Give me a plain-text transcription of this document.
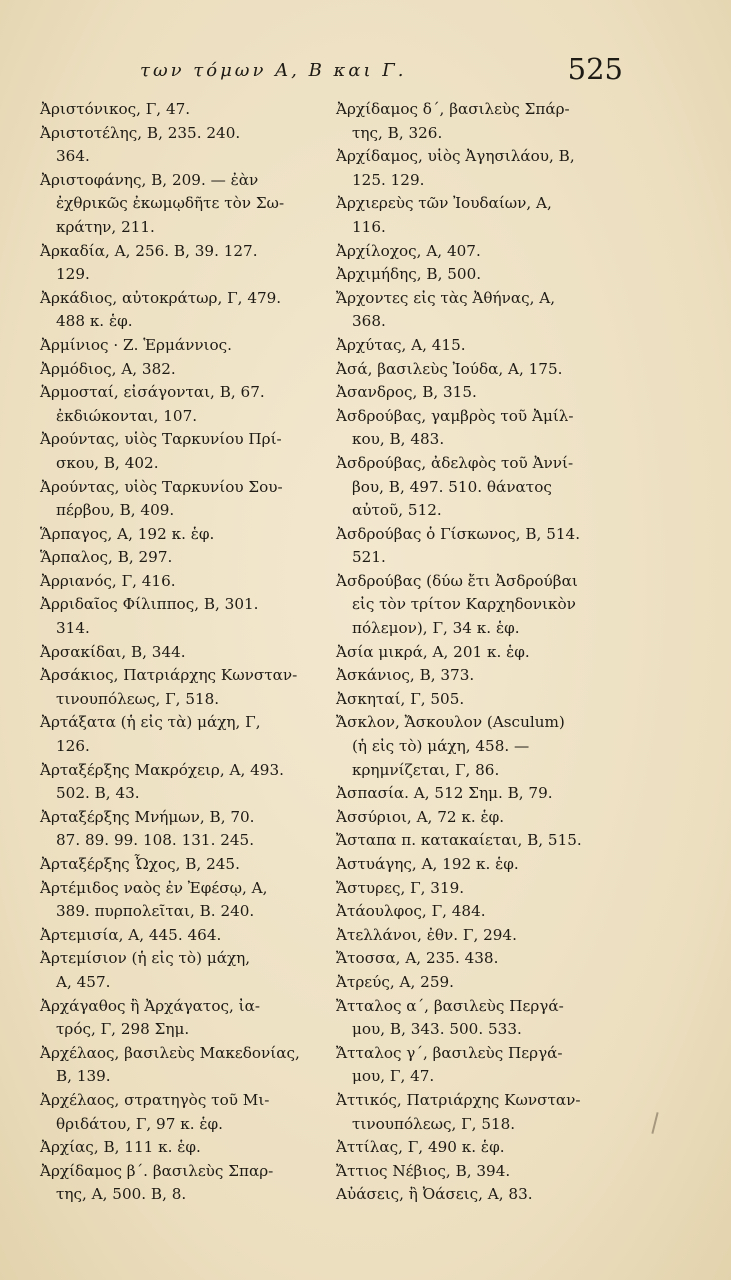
των τόμων Α, Β και Γ.	525

Ἀριστόνικος, Γ, 47.

Ἀριστοτέλης, Β, 235. 240.
364.

Ἀριστοφάνης, Β, 209. — ἐὰν
ἐχθρικῶς ἐκωμῳδῆτε τὸν Σω-
κράτην, 211.

Ἀρκαδία, Α, 256. Β, 39. 127.
129.

Ἀρκάδιος, αὐτοκράτωρ, Γ, 479.
488 κ. ἑφ.

Ἀρμίνιος · Ζ. Ἑρμάννιος.

Ἀρμόδιος, Α, 382.

Ἁρμοσταί, εἰσάγονται, Β, 67.
ἐκδιώκονται, 107.

Ἀρούντας, υἱὸς Ταρκυνίου Πρί-
σκου, Β, 402.

Ἀρούντας, υἱὸς Ταρκυνίου Σου-
πέρβου, Β, 409.

Ἅρπαγος, Α, 192 κ. ἑφ.

Ἅρπαλος, Β, 297.

Ἀρριανός, Γ, 416.

Ἀρριδαῖος Φίλιππος, Β, 301.
314.

Ἀρσακίδαι, Β, 344.

Ἀρσάκιος, Πατριάρχης Κωνσταν-
τινουπόλεως, Γ, 518.

Ἀρτάξατα (ἡ εἰς τὰ) μάχη, Γ,
126.

Ἀρταξέρξης Μακρόχειρ, Α, 493.
502. Β, 43.

Ἀρταξέρξης Μνήμων, Β, 70.
87. 89. 99. 108. 131. 245.

Ἀρταξέρξης Ὦχος, Β, 245.

Ἀρτέμιδος ναὸς ἐν Ἐφέσῳ, Α,
389. πυρπολεῖται, Β. 240.

Ἀρτεμισία, Α, 445. 464.

Ἀρτεμίσιον (ἡ εἰς τὸ) μάχη,
Α, 457.

Ἀρχάγαθος ἢ Ἀρχάγατος, ἰα-
τρός, Γ, 298 Σημ.

Ἀρχέλαος, βασιλεὺς Μακεδονίας,
Β, 139.

Ἀρχέλαος, στρατηγὸς τοῦ Μι-
θριδάτου, Γ, 97 κ. ἑφ.

Ἀρχίας, Β, 111 κ. ἑφ.

Ἀρχίδαμος β΄. βασιλεὺς Σπαρ-
της, Α, 500. Β, 8.

Ἀρχίδαμος δ΄, βασιλεὺς Σπάρ-
της, Β, 326.

Ἀρχίδαμος, υἱὸς Ἀγησιλάου, Β,
125. 129.

Ἀρχιερεὺς τῶν Ἰουδαίων, Α,
116.

Ἀρχίλοχος, Α, 407.

Ἀρχιμήδης, Β, 500.

Ἄρχοντες εἰς τὰς Ἀθήνας, Α,
368.

Ἀρχύτας, Α, 415.

Ἀσά, βασιλεὺς Ἰούδα, Α, 175.

Ἀσανδρος, Β, 315.

Ἀσδρούβας, γαμβρὸς τοῦ Ἀμίλ-
κου, Β, 483.

Ἀσδρούβας, ἀδελφὸς τοῦ Ἀννί-
βου, Β, 497. 510. θάνατος
αὐτοῦ, 512.

Ἀσδρούβας ὁ Γίσκωνος, Β, 514.
521.

Ἀσδρούβας (δύω ἔτι Ἀσδρούβαι
εἰς τὸν τρίτον Καρχηδονικὸν
πόλεμον), Γ, 34 κ. ἑφ.

Ἀσία μικρά, Α, 201 κ. ἑφ.

Ἀσκάνιος, Β, 373.

Ἀσκηταί, Γ, 505.

Ἄσκλον, Ἄσκουλον (Asculum)
(ἡ εἰς τὸ) μάχη, 458. —
κρημνίζεται, Γ, 86.

Ἀσπασία. Α, 512 Σημ. Β, 79.

Ἀσσύριοι, Α, 72 κ. ἑφ.

Ἄσταπα π. κατακαίεται, Β, 515.

Ἀστυάγης, Α, 192 κ. ἑφ.

Ἄστυρες, Γ, 319.

Ἀτάουλφος, Γ, 484.

Ἀτελλάνοι, ἐθν. Γ, 294.

Ἄτοσσα, Α, 235. 438.

Ἀτρεύς, Α, 259.

Ἄτταλος α΄, βασιλεὺς Περγά-
μου, Β, 343. 500. 533.

Ἄτταλος γ΄, βασιλεὺς Περγά-
μου, Γ, 47.

Ἀττικός, Πατριάρχης Κωνσταν-
τινουπόλεως, Γ, 518.

Ἀττίλας, Γ, 490 κ. ἑφ.

Ἄττιος Νέβιος, Β, 394.

Αὐάσεις, ἢ Ὀάσεις, Α, 83.
